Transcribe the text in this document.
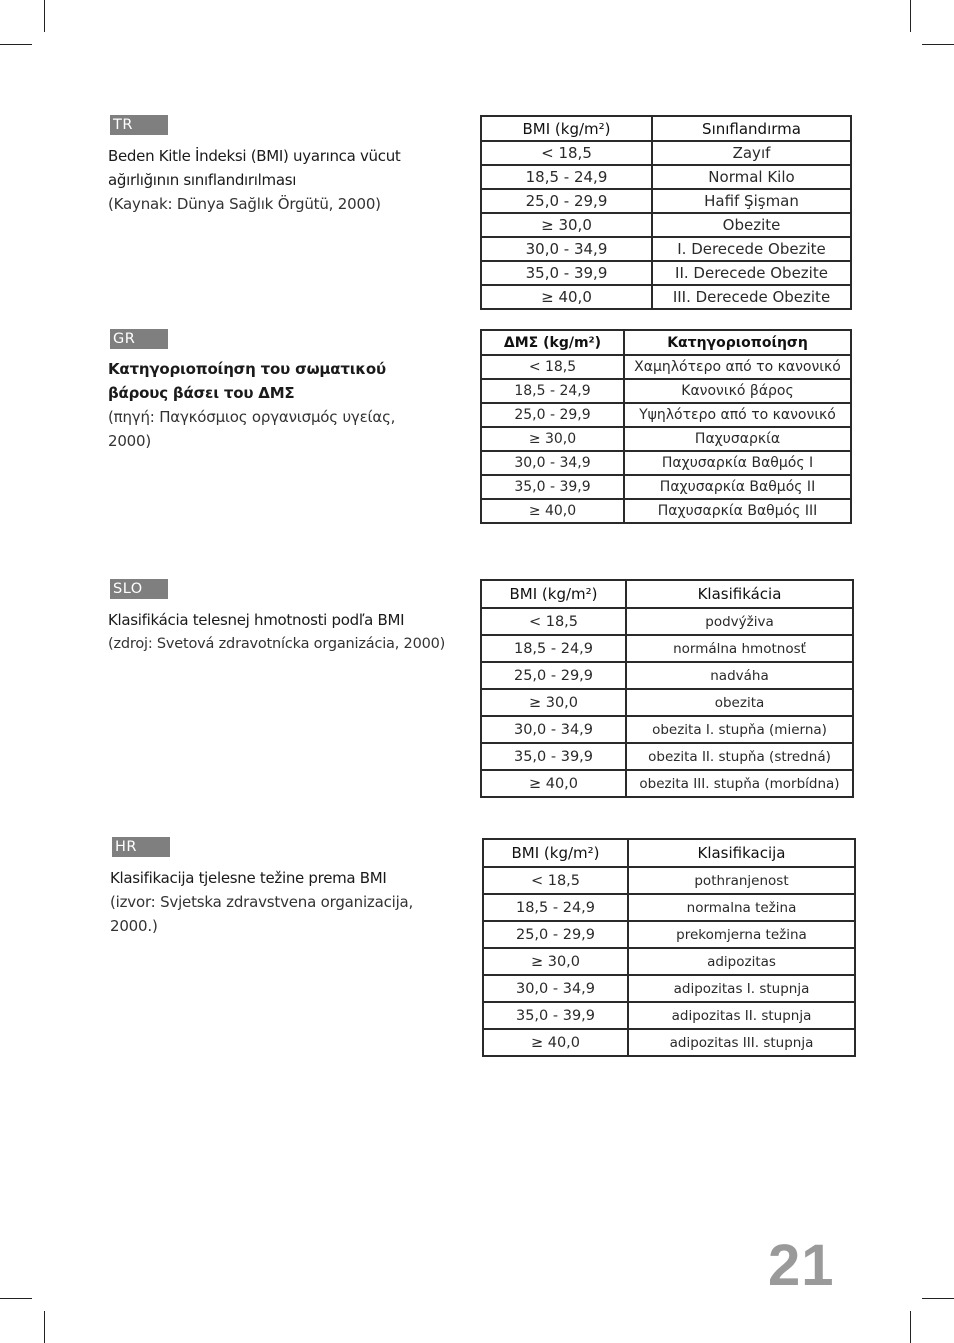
TR

Beden Kitle İndeksi (BMI) uyarınca vücut ağırlığının sınıflandırılması

(Kaynak: Dünya Sağlık Örgütü, 2000)

BMI (kg/m²)	Sınıflandırma
< 18,5	Zayıf
18,5 - 24,9	Normal Kilo
25,0 - 29,9	Hafif Şişman
≥ 30,0	Obezite
30,0 - 34,9	I. Derecede Obezite
35,0 - 39,9	II. Derecede Obezite
≥ 40,0	III. Derecede Obezite
GR

Κατηγοριοποίηση του σωματικού βάρους βάσει του ΔΜΣ

(πηγή: Παγκόσμιος οργανισμός υγείας, 2000)

ΔΜΣ (kg/m²)	Κατηγοριοποίηση
< 18,5	Χαμηλότερο από το κανονικό
18,5 - 24,9	Κανονικό βάρος
25,0 - 29,9	Υψηλότερο από το κανονικό
≥ 30,0	Παχυσαρκία
30,0 - 34,9	Παχυσαρκία Βαθμός I
35,0 - 39,9	Παχυσαρκία Βαθμός II
≥ 40,0	Παχυσαρκία Βαθμός III
SLO

Klasifikácia telesnej hmotnosti podľa BMI

(zdroj: Svetová zdravotnícka organizácia, 2000)

BMI (kg/m²)	Klasifikácia
< 18,5	podvýživa
18,5 - 24,9	normálna hmotnosť
25,0 - 29,9	nadváha
≥ 30,0	obezita
30,0 - 34,9	obezita I. stupňa (mierna)
35,0 - 39,9	obezita II. stupňa (stredná)
≥ 40,0	obezita III. stupňa (morbídna)
HR

Klasifikacija tjelesne težine prema BMI

(izvor: Svjetska zdravstvena organizacija, 2000.)

BMI (kg/m²)	Klasifikacija
< 18,5	pothranjenost
18,5 - 24,9	normalna težina
25,0 - 29,9	prekomjerna težina
≥ 30,0	adipozitas
30,0 - 34,9	adipozitas I. stupnja
35,0 - 39,9	adipozitas II. stupnja
≥ 40,0	adipozitas III. stupnja
21
